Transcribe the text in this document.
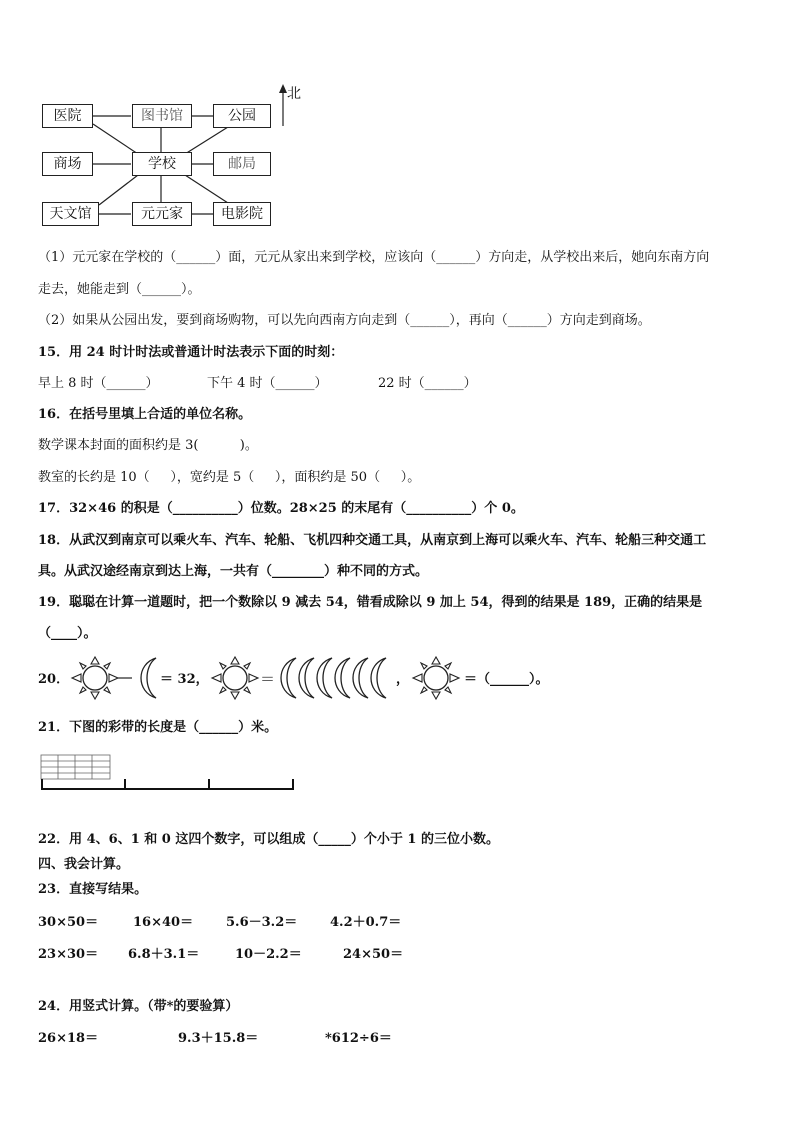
北
医院	图书馆	公园
商场	学校	邮局
天文馆	元元家	电影院
（1）元元家在学校的（______）面，元元从家出来到学校，应该向（______）方向走，从学校出来后，她向东南方向
走去，她能走到（______）。
（2）如果从公园出发，要到商场购物，可以先向西南方向走到（______），再向（______）方向走到商场。
15．用 24 时计时法或普通计时法表示下面的时刻：
早上 8 时（______）	下午 4 时（______）	22 时（______）
16．在括号里填上合适的单位名称。
数学课本封面的面积约是 3(          )。
教室的长约是 10（     ），宽约是 5（     ），面积约是 50（     ）。
17．32×46 的积是（__________）位数。28×25 的末尾有（__________）个 0。
18．从武汉到南京可以乘火车、汽车、轮船、飞机四种交通工具，从南京到上海可以乘火车、汽车、轮船三种交通工
具。从武汉途经南京到达上海，一共有（________）种不同的方式。
19．聪聪在计算一道题时，把一个数除以 9 减去 54，错看成除以 9 加上 54，得到的结果是 189，正确的结果是
（____）。
20．	＝
＝ 32，	，	＝（______）。
21．下图的彩带的长度是（______）米。
22．用 4、6、1 和 0 这四个数字，可以组成（_____）个小于 1 的三位小数。
四、我会计算。
23．直接写结果。
30×50＝	16×40＝	5.6－3.2＝	4.2＋0.7＝
23×30＝ 6.8＋3.1＝	10－2.2＝	24×50＝
24．用竖式计算。（带*的要验算）
26×18＝	9.3＋15.8＝	*612÷6＝
